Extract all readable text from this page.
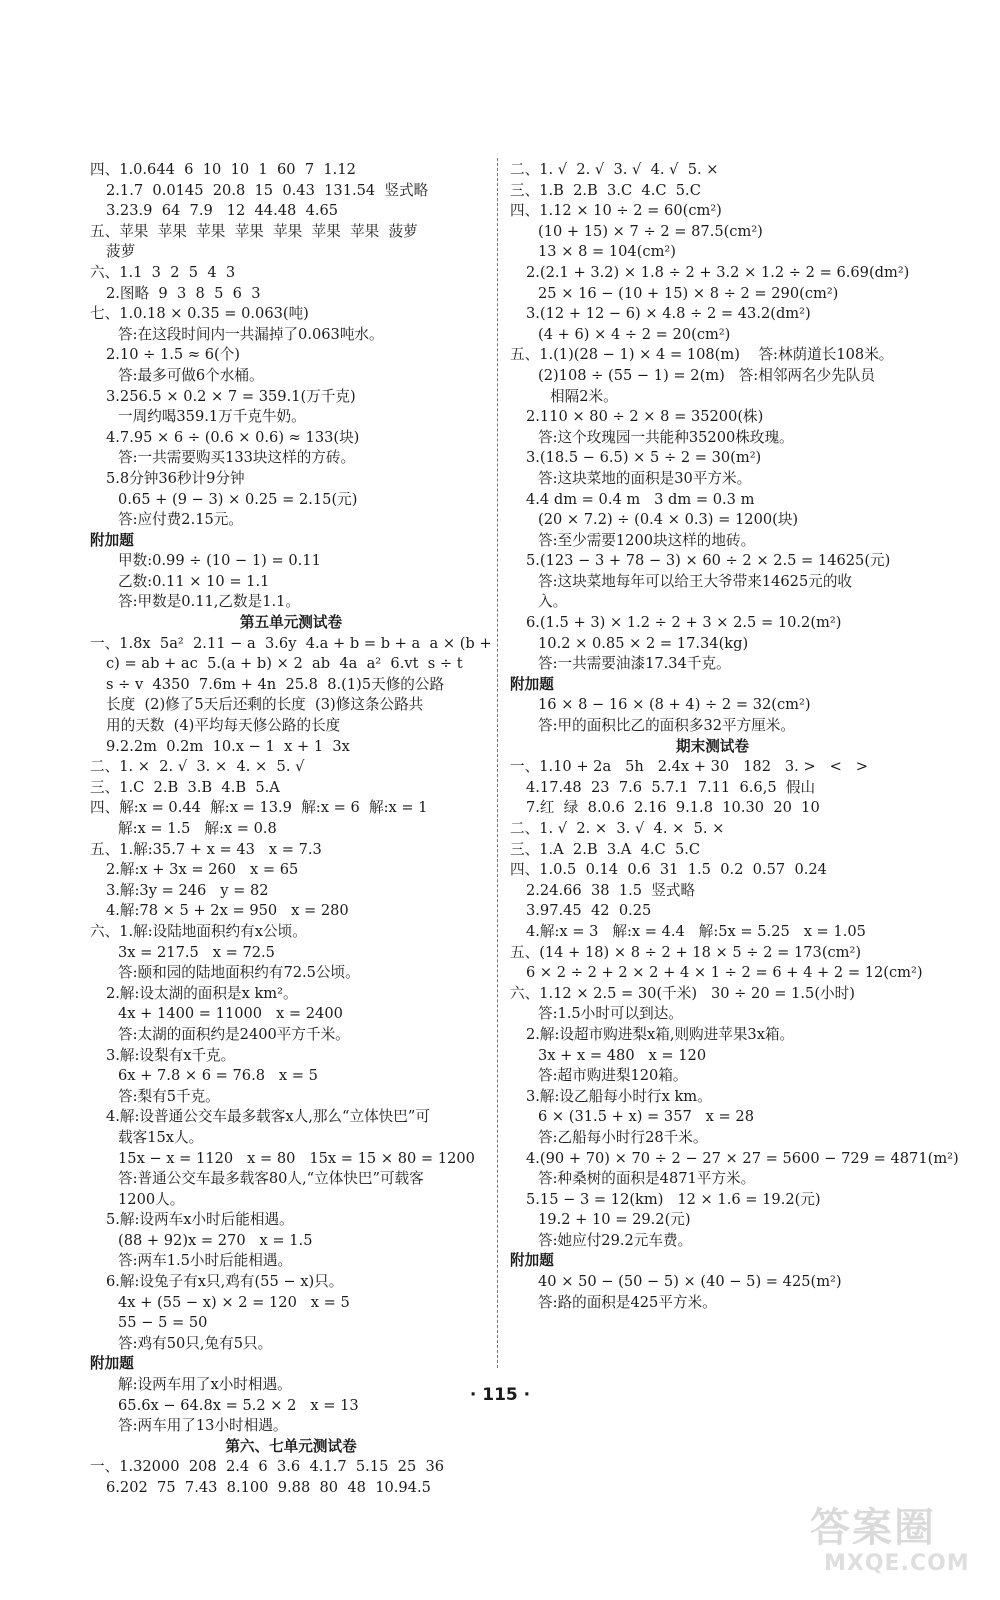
四、1.0.644  6  10  10  1  60  7  1.12
2.1.7  0.0145  20.8  15  0.43  131.54  竖式略
3.23.9  64  7.9   12  44.48  4.65
五、苹果  苹果  苹果  苹果  苹果  苹果  苹果  菠萝
菠萝
六、1.1  3  2  5  4  3
2.图略  9  3  8  5  6  3
七、1.0.18 × 0.35 = 0.063(吨)
答:在这段时间内一共漏掉了0.063吨水。
2.10 ÷ 1.5 ≈ 6(个)
答:最多可做6个水桶。
3.256.5 × 0.2 × 7 = 359.1(万千克)
一周约喝359.1万千克牛奶。
4.7.95 × 6 ÷ (0.6 × 0.6) ≈ 133(块)
答:一共需要购买133块这样的方砖。
5.8分钟36秒计9分钟
0.65 + (9 − 3) × 0.25 = 2.15(元)
答:应付费2.15元。
附加题
甲数:0.99 ÷ (10 − 1) = 0.11
乙数:0.11 × 10 = 1.1
答:甲数是0.11,乙数是1.1。
第五单元测试卷
一、1.8x  5a²  2.11 − a  3.6y  4.a + b = b + a  a × (b +
c) = ab + ac  5.(a + b) × 2  ab  4a  a²  6.vt  s ÷ t
s ÷ v  4350  7.6m + 4n  25.8  8.(1)5天修的公路
长度  (2)修了5天后还剩的长度  (3)修这条公路共
用的天数  (4)平均每天修公路的长度
9.2.2m  0.2m  10.x − 1  x + 1  3x
二、1. ×  2. √  3. ×  4. ×  5. √
三、1.C  2.B  3.B  4.B  5.A
四、解:x = 0.44  解:x = 13.9  解:x = 6  解:x = 1
解:x = 1.5   解:x = 0.8
五、1.解:35.7 + x = 43   x = 7.3
2.解:x + 3x = 260   x = 65
3.解:3y = 246   y = 82
4.解:78 × 5 + 2x = 950   x = 280
六、1.解:设陆地面积约有x公顷。
3x = 217.5   x = 72.5
答:颐和园的陆地面积约有72.5公顷。
2.解:设太湖的面积是x km²。
4x + 1400 = 11000   x = 2400
答:太湖的面积约是2400平方千米。
3.解:设梨有x千克。
6x + 7.8 × 6 = 76.8   x = 5
答:梨有5千克。
4.解:设普通公交车最多载客x人,那么“立体快巴”可
载客15x人。
15x − x = 1120   x = 80   15x = 15 × 80 = 1200
答:普通公交车最多载客80人,“立体快巴”可载客
1200人。
5.解:设两车x小时后能相遇。
(88 + 92)x = 270   x = 1.5
答:两车1.5小时后能相遇。
6.解:设兔子有x只,鸡有(55 − x)只。
4x + (55 − x) × 2 = 120   x = 5
55 − 5 = 50
答:鸡有50只,兔有5只。
附加题
解:设两车用了x小时相遇。
65.6x − 64.8x = 5.2 × 2   x = 13
答:两车用了13小时相遇。
第六、七单元测试卷
一、1.32000  208  2.4  6  3.6  4.1.7  5.15  25  36
6.202  75  7.43  8.100  9.88  80  48  10.94.5
二、1. √  2. √  3. √  4. √  5. ×
三、1.B  2.B  3.C  4.C  5.C
四、1.12 × 10 ÷ 2 = 60(cm²)
(10 + 15) × 7 ÷ 2 = 87.5(cm²)
13 × 8 = 104(cm²)
2.(2.1 + 3.2) × 1.8 ÷ 2 + 3.2 × 1.2 ÷ 2 = 6.69(dm²)
25 × 16 − (10 + 15) × 8 ÷ 2 = 290(cm²)
3.(12 + 12 − 6) × 4.8 ÷ 2 = 43.2(dm²)
(4 + 6) × 4 ÷ 2 = 20(cm²)
五、1.(1)(28 − 1) × 4 = 108(m)    答:林荫道长108米。
(2)108 ÷ (55 − 1) = 2(m)   答:相邻两名少先队员
相隔2米。
2.110 × 80 ÷ 2 × 8 = 35200(株)
答:这个玫瑰园一共能种35200株玫瑰。
3.(18.5 − 6.5) × 5 ÷ 2 = 30(m²)
答:这块菜地的面积是30平方米。
4.4 dm = 0.4 m   3 dm = 0.3 m
(20 × 7.2) ÷ (0.4 × 0.3) = 1200(块)
答:至少需要1200块这样的地砖。
5.(123 − 3 + 78 − 3) × 60 ÷ 2 × 2.5 = 14625(元)
答:这块菜地每年可以给王大爷带来14625元的收
入。
6.(1.5 + 3) × 1.2 ÷ 2 + 3 × 2.5 = 10.2(m²)
10.2 × 0.85 × 2 = 17.34(kg)
答:一共需要油漆17.34千克。
附加题
16 × 8 − 16 × (8 + 4) ÷ 2 = 32(cm²)
答:甲的面积比乙的面积多32平方厘米。
期末测试卷
一、1.10 + 2a   5h   2.4x + 30   182   3. >   <   >
4.17.48  23  7.6  5.7.1  7.11  6.6,5  假山
7.红  绿  8.0.6  2.16  9.1.8  10.30  20  10
二、1. √  2. ×  3. √  4. ×  5. ×
三、1.A  2.B  3.A  4.C  5.C
四、1.0.5  0.14  0.6  31  1.5  0.2  0.57  0.24
2.24.66  38  1.5  竖式略
3.97.45  42  0.25
4.解:x = 3   解:x = 4.4   解:5x = 5.25   x = 1.05
五、(14 + 18) × 8 ÷ 2 + 18 × 5 ÷ 2 = 173(cm²)
6 × 2 ÷ 2 + 2 × 2 + 4 × 1 ÷ 2 = 6 + 4 + 2 = 12(cm²)
六、1.12 × 2.5 = 30(千米)   30 ÷ 20 = 1.5(小时)
答:1.5小时可以到达。
2.解:设超市购进梨x箱,则购进苹果3x箱。
3x + x = 480   x = 120
答:超市购进梨120箱。
3.解:设乙船每小时行x km。
6 × (31.5 + x) = 357   x = 28
答:乙船每小时行28千米。
4.(90 + 70) × 70 ÷ 2 − 27 × 27 = 5600 − 729 = 4871(m²)
答:种桑树的面积是4871平方米。
5.15 − 3 = 12(km)   12 × 1.6 = 19.2(元)
19.2 + 10 = 29.2(元)
答:她应付29.2元车费。
附加题
40 × 50 − (50 − 5) × (40 − 5) = 425(m²)
答:路的面积是425平方米。
· 115 ·
答案圈
MXQE.COM
